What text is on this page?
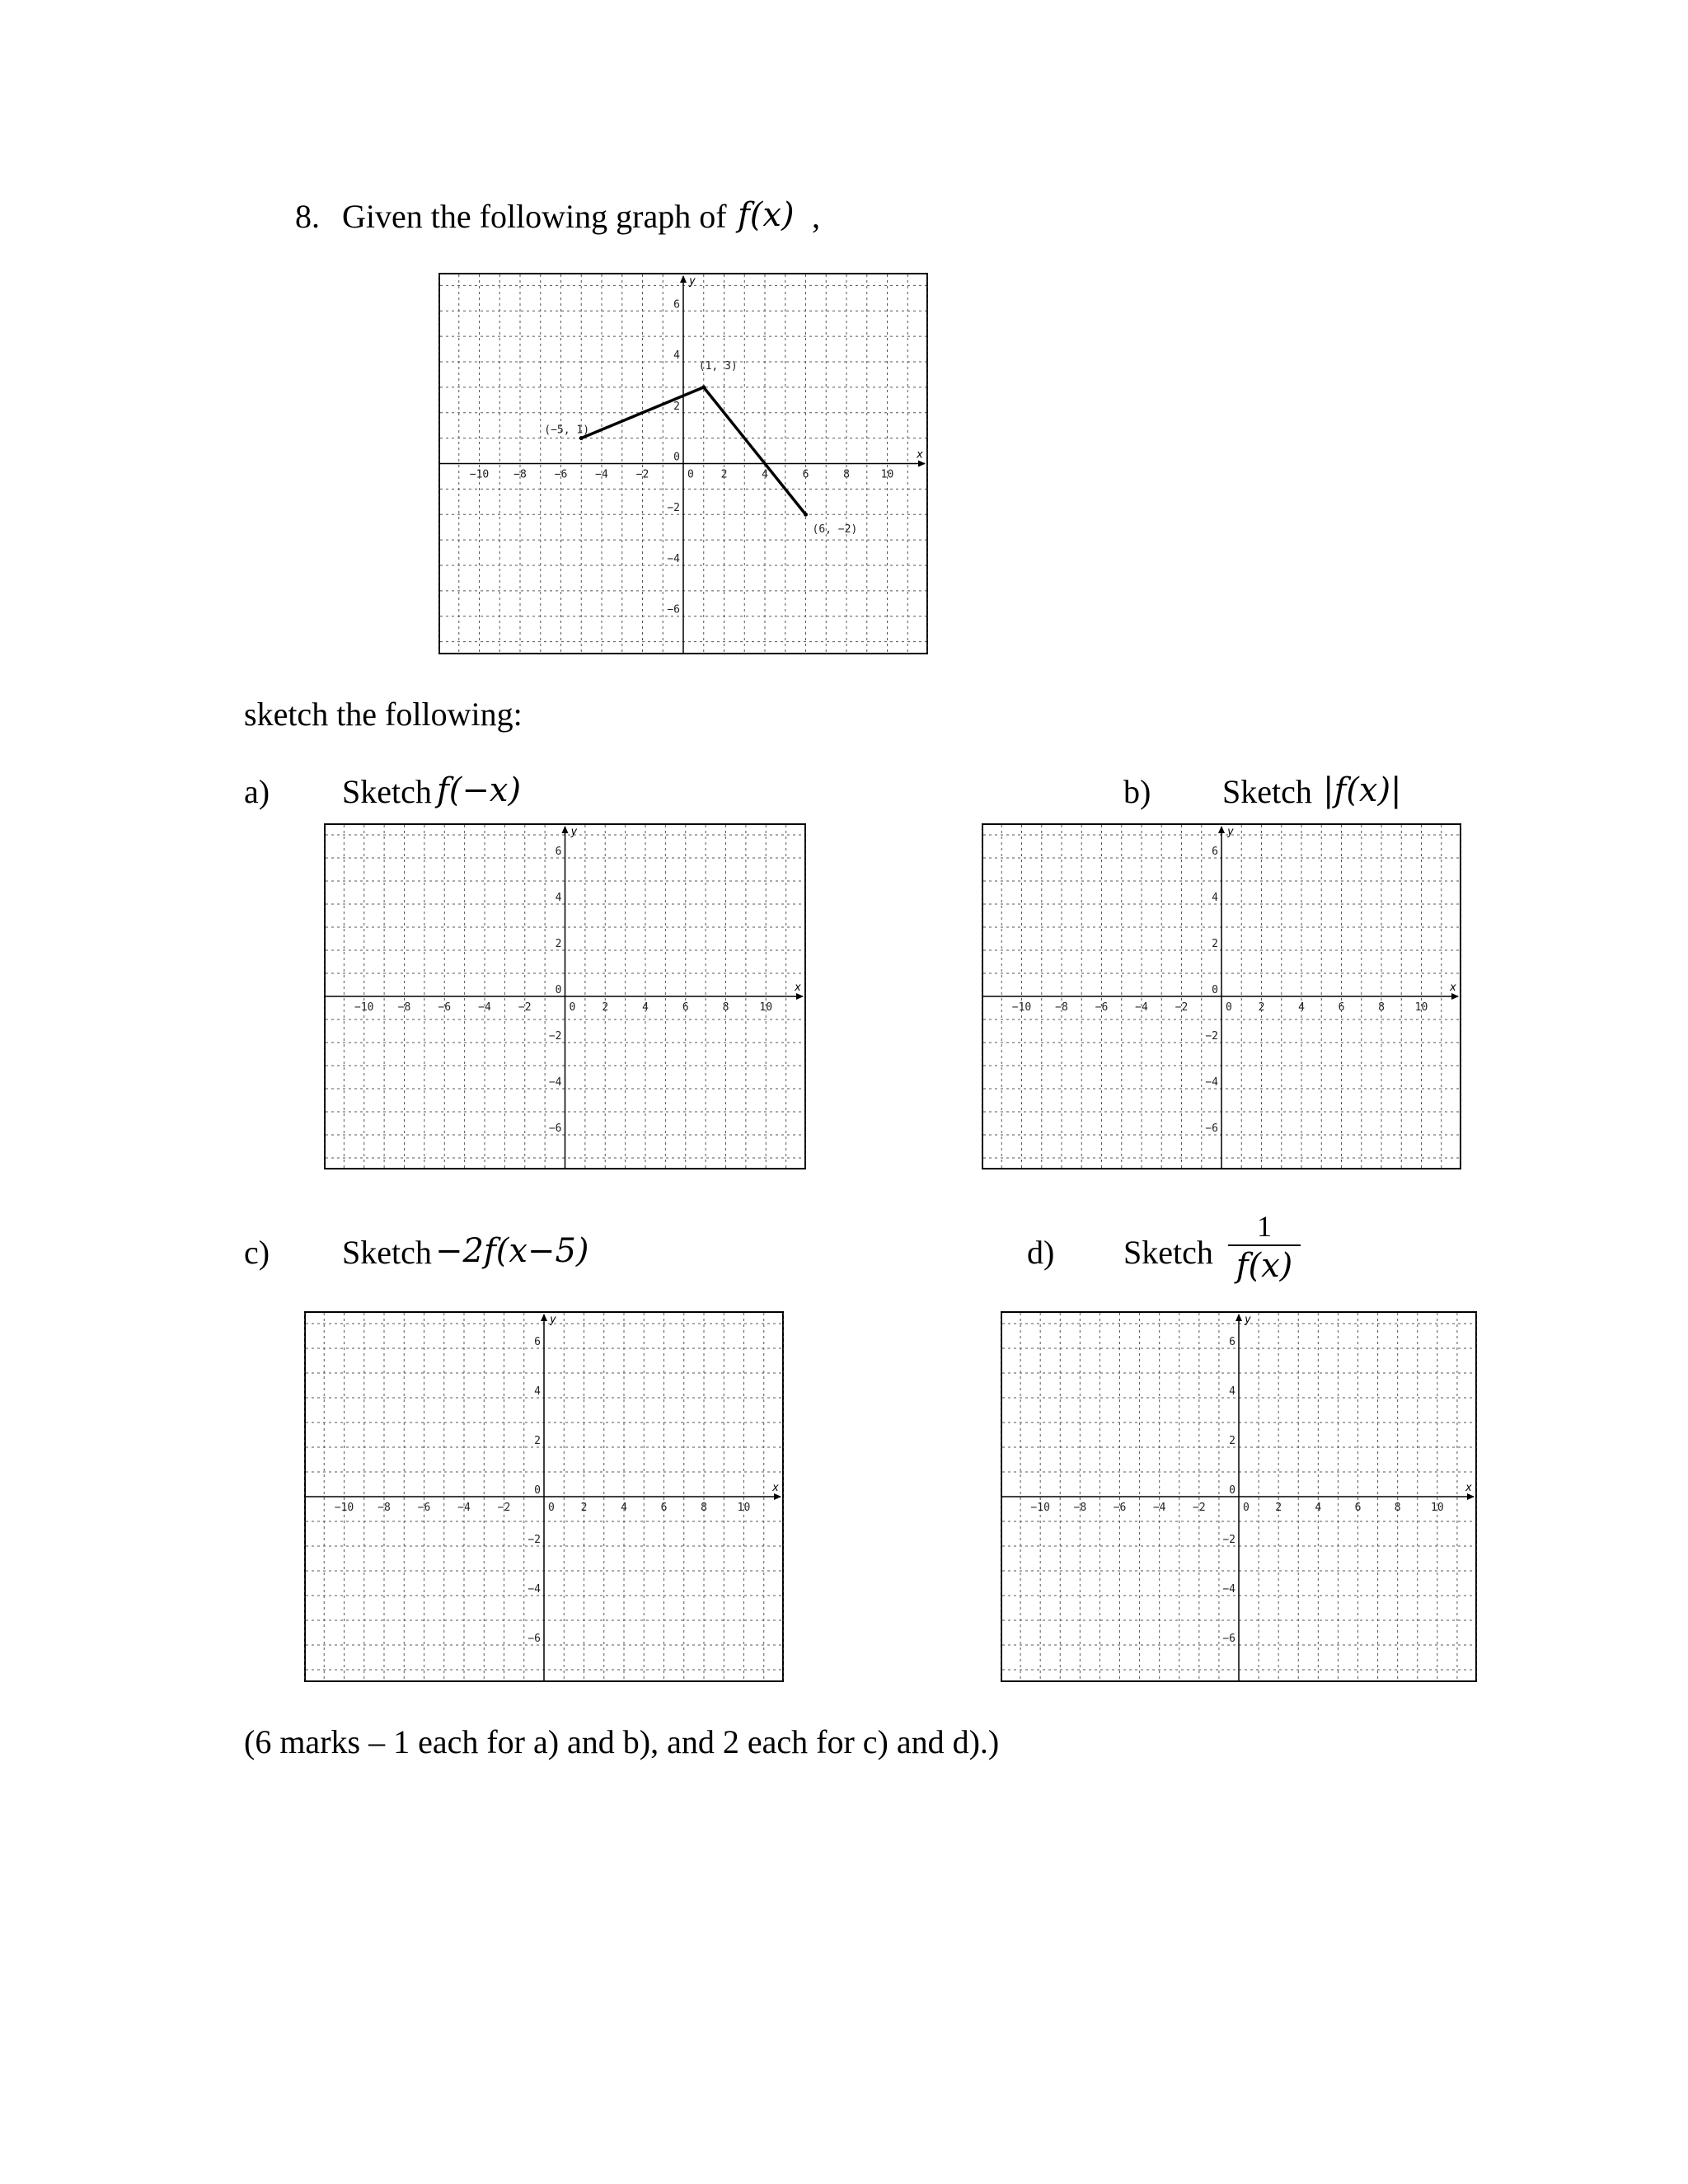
8. Given the following graph of f(x) ,
x
y
−10 −8	−6	−4	−2	0	2	4	6	8	10
6
4
2
0
−2
−4
−6
(−5, 1)
(1, 3)
(6, −2)
sketch the following:
a) Sketch f(−x)
x
y
−10 −8	−6	−4	−2	0 2	4	6	8	10
6
4
2
0
−2
−4
−6
b) Sketch |f(x)|
x
y
−10 −8	−6	−4	−2	0 2	4	6	8	10
6
4
2
0
−2
−4
−6
c) Sketch −2f(x−5)
x
y
−10 −8	−6	−4	−2	0 2	4	6	8	10
6
4
2
0
−2
−4
−6
d) Sketch
1
f(x)
x
y
−10 −8	−6	−4	−2	0 2	4	6	8	10
6
4
2
0
−2
−4
−6
(6 marks – 1 each for a) and b), and 2 each for c) and d).)
